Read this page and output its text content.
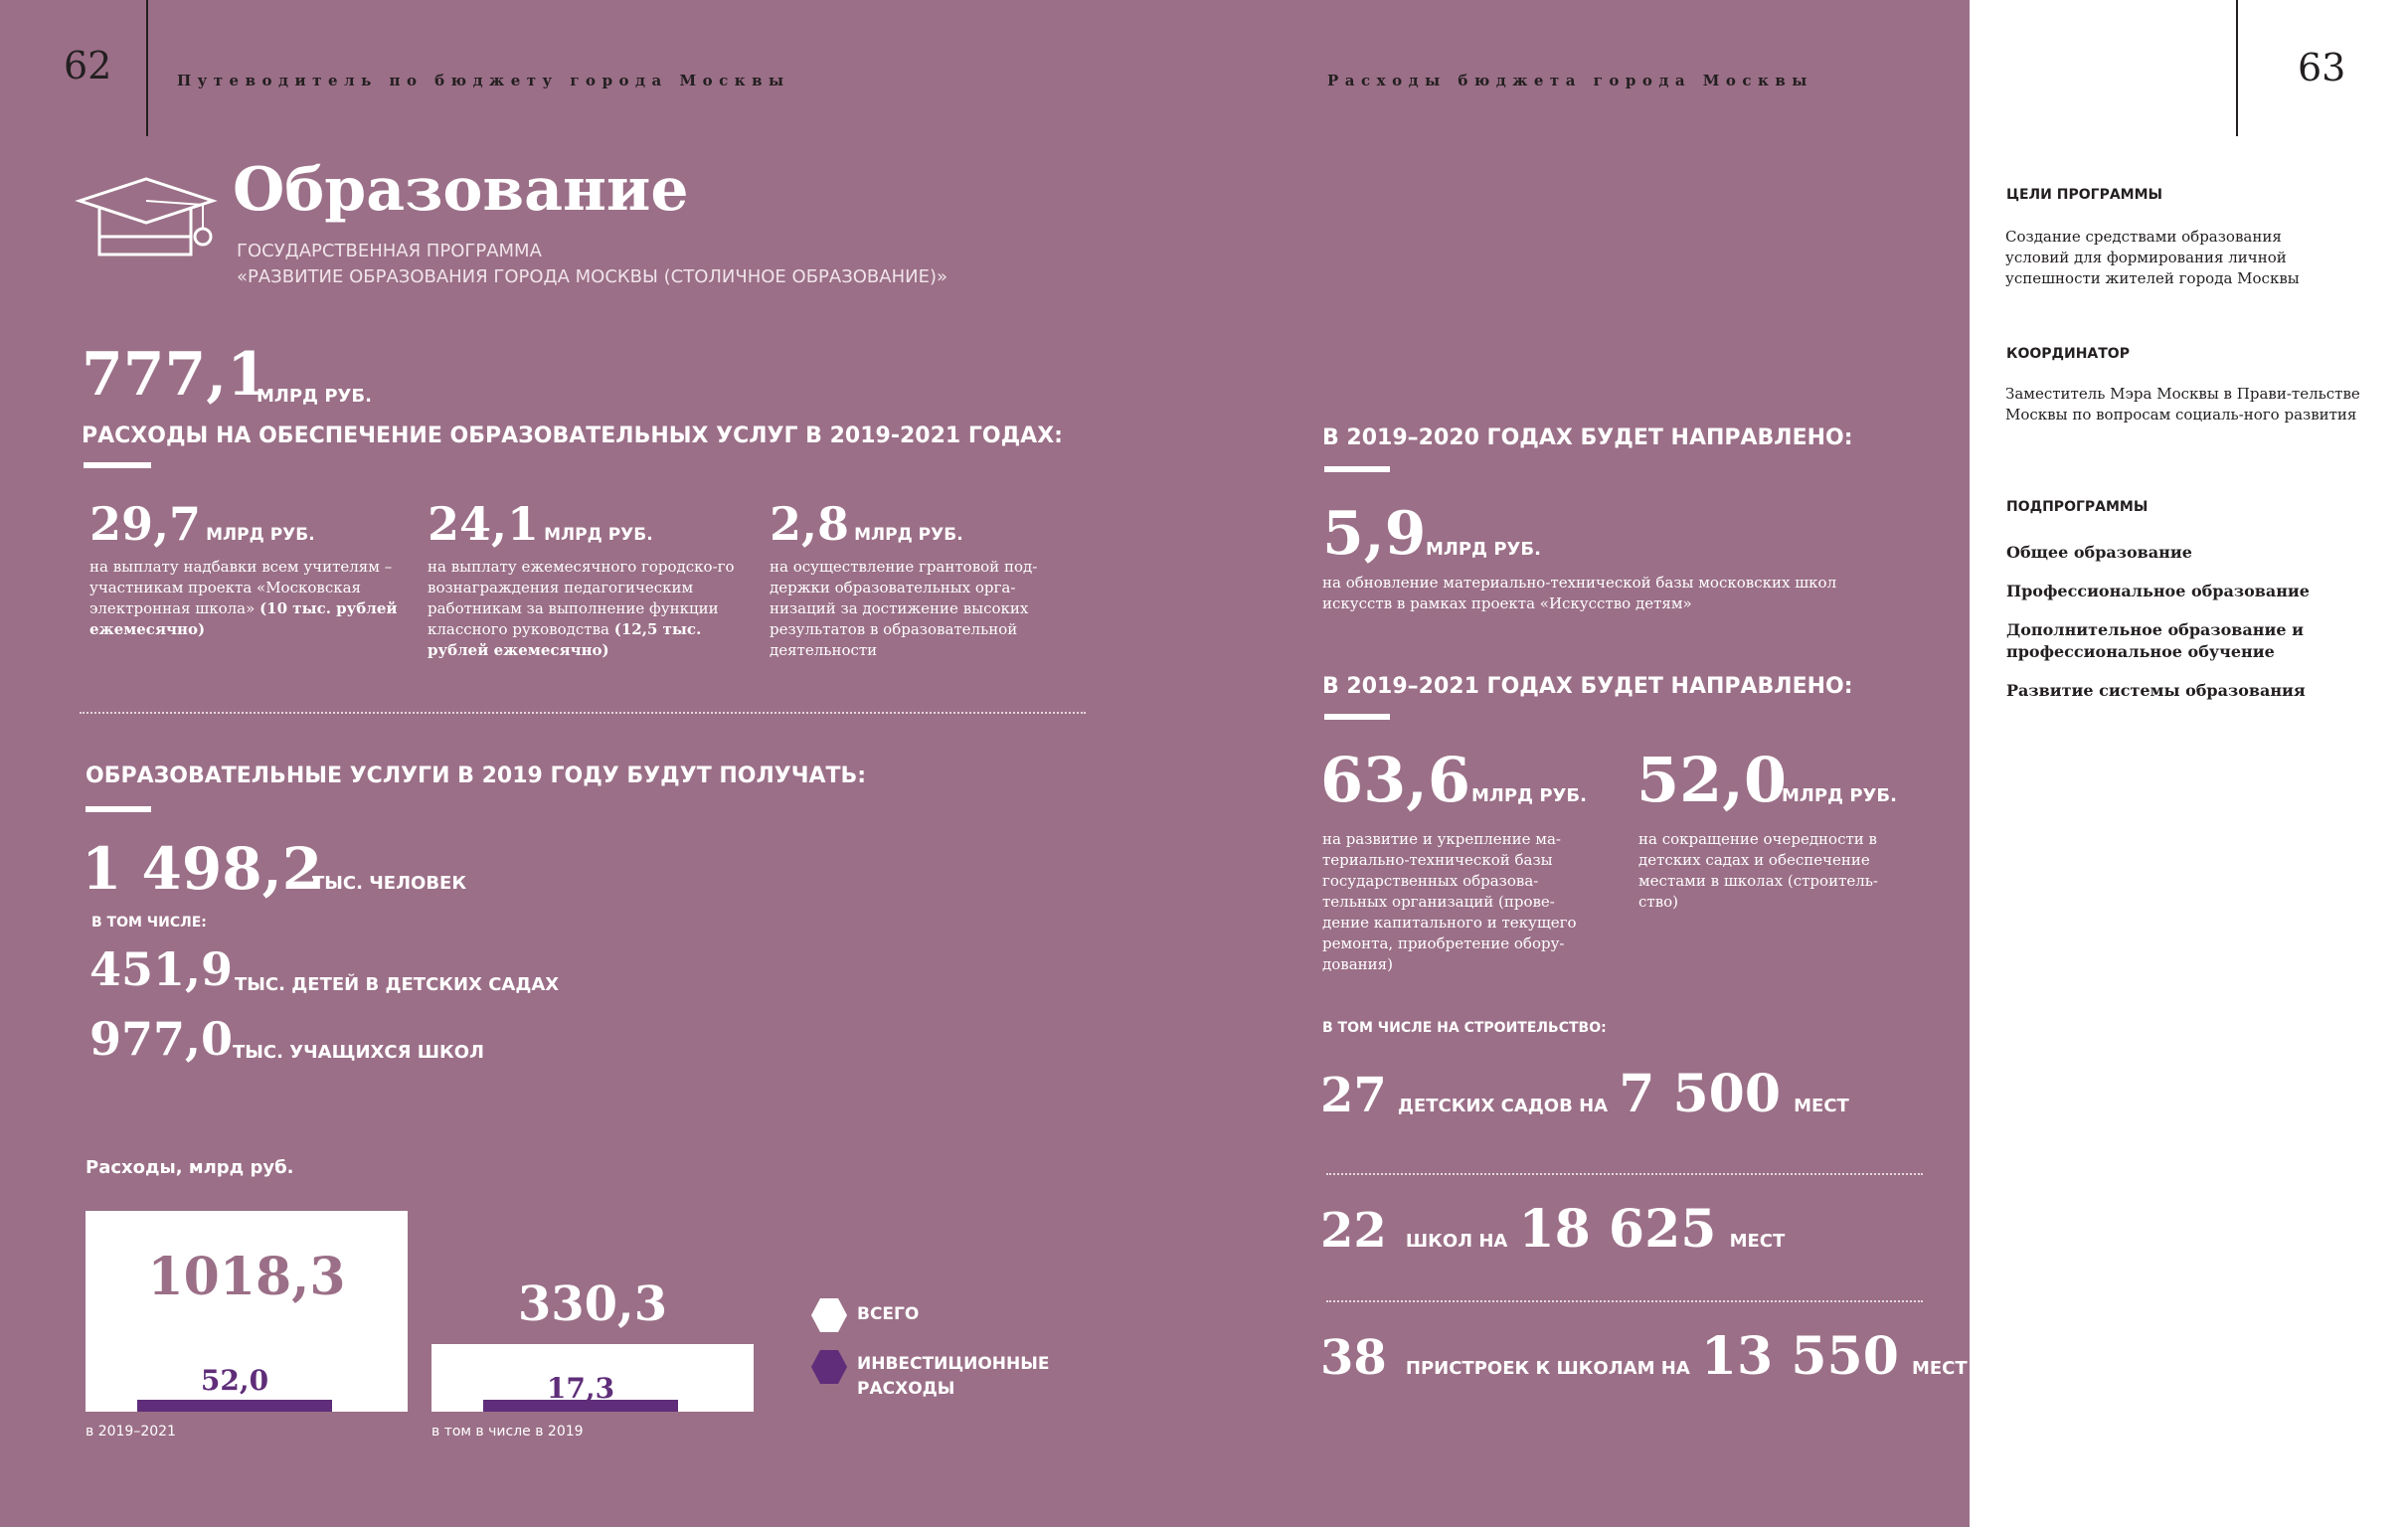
62	Путеводитель по бюджету города Москвы	Расходы бюджета города Москвы
Образование
ГОСУДАРСТВЕННАЯ ПРОГРАММА
«РАЗВИТИЕ ОБРАЗОВАНИЯ ГОРОДА МОСКВЫ (СТОЛИЧНОЕ ОБРАЗОВАНИЕ)»
777,1
МЛРД РУБ.
РАСХОДЫ НА ОБЕСПЕЧЕНИЕ ОБРАЗОВАТЕЛЬНЫХ УСЛУГ В 2019-2021 ГОДАХ:
29,7 МЛРД РУБ.
на выплату надбавки всем учителям – участникам проекта «Московская электронная школа» (10 тыс. рублей ежемесячно)
24,1 МЛРД РУБ.
на выплату ежемесячного городско-го вознаграждения педагогическим работникам за выполнение функции классного руководства (12,5 тыс. рублей ежемесячно)
2,8 МЛРД РУБ.
на осуществление грантовой под-держки образовательных орга-низаций за достижение высоких результатов в образовательной деятельности
ОБРАЗОВАТЕЛЬНЫЕ УСЛУГИ В 2019 ГОДУ БУДУТ ПОЛУЧАТЬ:
1 498,2
ТЫС. ЧЕЛОВЕК
В ТОМ ЧИСЛЕ:
451,9 ТЫС. ДЕТЕЙ В ДЕТСКИХ САДАХ
977,0 ТЫС. УЧАЩИХСЯ ШКОЛ
Расходы, млрд руб.
ВСЕГО
ИНВЕСТИЦИОННЫЕ РАСХОДЫ
В 2019–2020 ГОДАХ БУДЕТ НАПРАВЛЕНО:
5,9 МЛРД РУБ.
на обновление материально-технической базы московских школ искусств в рамках проекта «Искусство детям»
В 2019–2021 ГОДАХ БУДЕТ НАПРАВЛЕНО:
63,6 МЛРД РУБ.
на развитие и укрепление ма-териально-технической базы государственных образова-тельных организаций (прове-дение капитального и текущего ремонта, приобретение обору-дования)
52,0
МЛРД РУБ.
на сокращение очередности в детских садах и обеспечение местами в школах (строитель-ство)
В ТОМ ЧИСЛЕ НА СТРОИТЕЛЬСТВО:
27 ДЕТСКИХ САДОВ НА 7 500 МЕСТ
22 ШКОЛ НА 18 625 МЕСТ
38 ПРИСТРОЕК К ШКОЛАМ НА 13 550 МЕСТ
63
ЦЕЛИ ПРОГРАММЫ
Создание средствами образования условий для формирования личной успешности жителей города Москвы
КООРДИНАТОР
Заместитель Мэра Москвы в Прави-тельстве Москвы по вопросам социаль-ного развития
ПОДПРОГРАММЫ
Общее образование
Профессиональное образование
Дополнительное образование и профессиональное обучение
Развитие системы образования
1018,3
52,0
в 2019–2021
330,3
17,3
в том в числе в 2019
